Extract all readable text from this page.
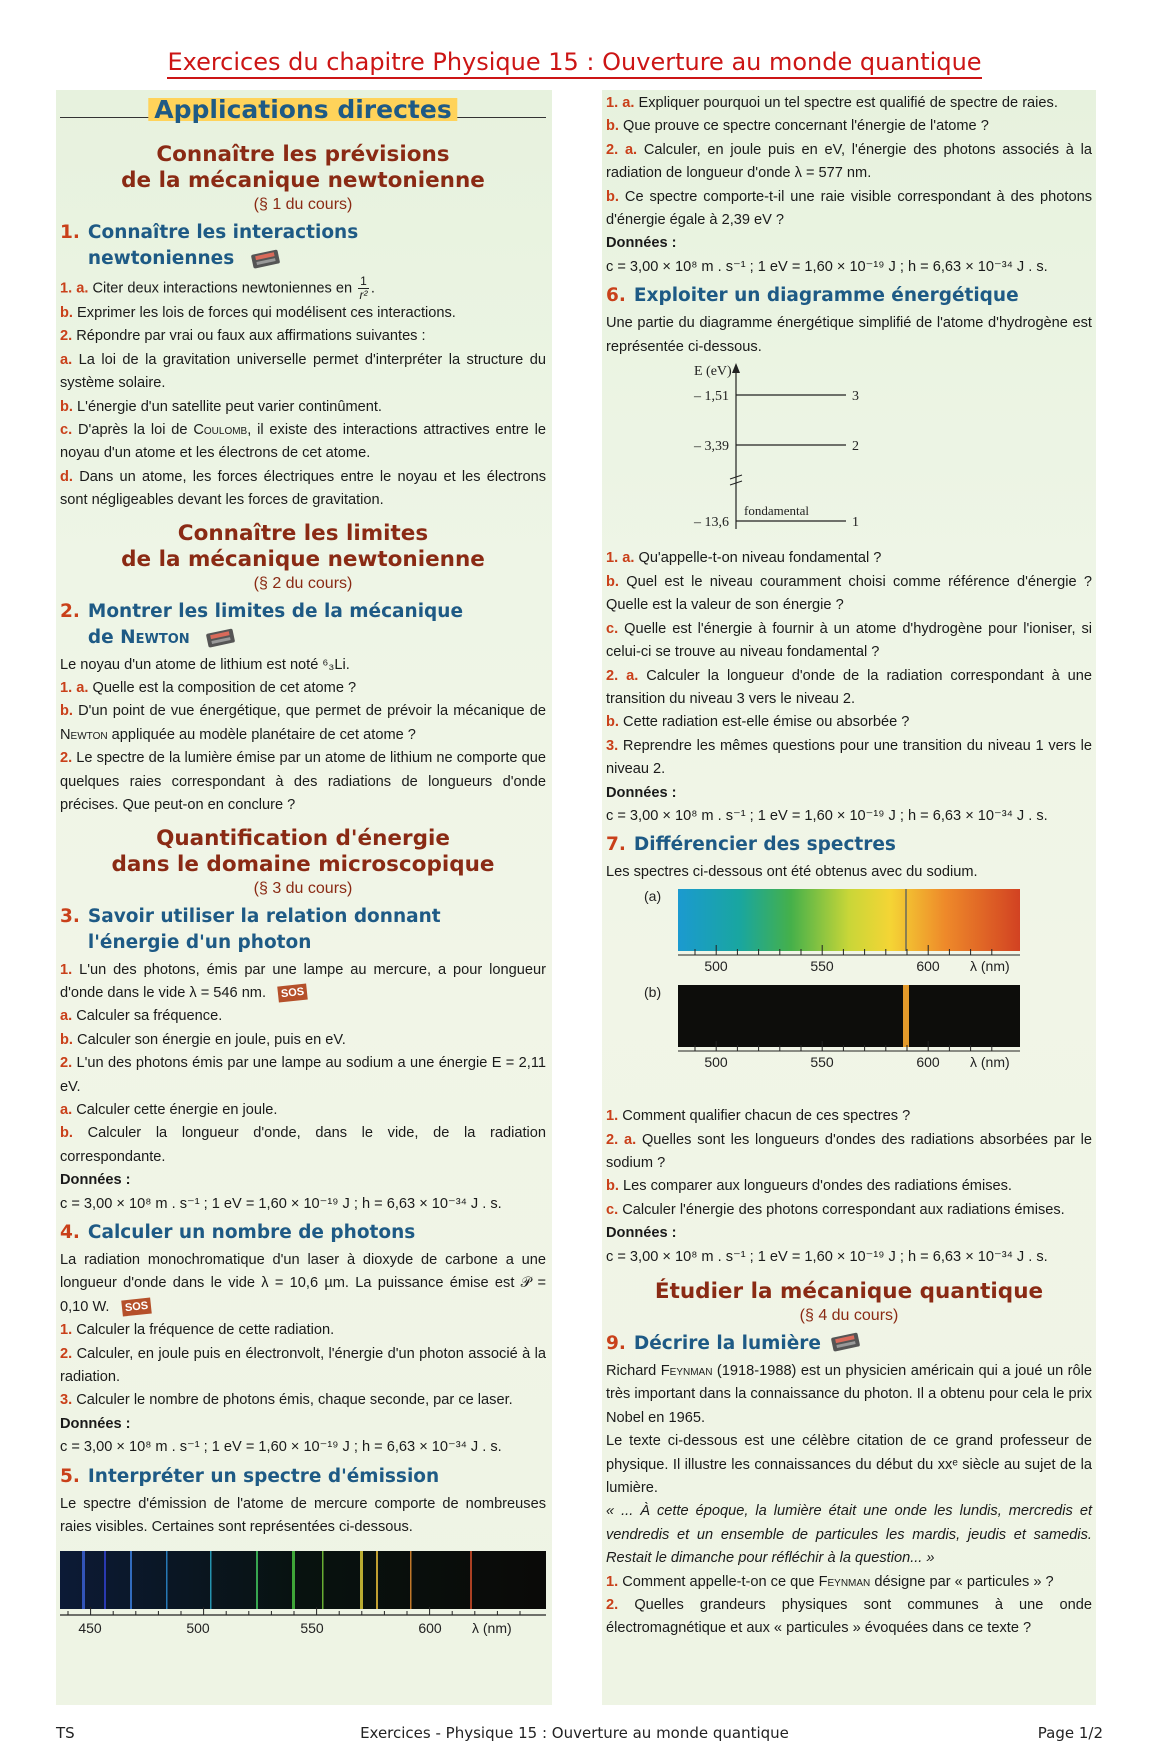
Exercices du chapitre Physique 15 : Ouverture au monde quantique
Applications directes
Connaître les prévisions
de la mécanique newtonienne
(§ 1 du cours)
1. Connaître les interactions
newtoniennes

1. a. Citer deux interactions newtoniennes en $\frac{1}{\text{r²}}$ .

b. Exprimer les lois de forces qui modélisent ces interactions.

2. Répondre par vrai ou faux aux affirmations suivantes :

a. La loi de la gravitation universelle permet d'interpréter la structure du système solaire.

b. L'énergie d'un satellite peut varier continûment.

c. D'après la loi de Coulomb, il existe des interactions attractives entre le noyau d'un atome et les électrons de cet atome.

d. Dans un atome, les forces électriques entre le noyau et les électrons sont négligeables devant les forces de gravitation.

Connaître les limites
de la mécanique newtonienne
(§ 2 du cours)
2. Montrer les limites de la mécanique
de Newton

Le noyau d'un atome de lithium est noté ⁶₃Li.

1. a. Quelle est la composition de cet atome ?

b. D'un point de vue énergétique, que permet de prévoir la mécanique de Newton appliquée au modèle planétaire de cet atome ?

2. Le spectre de la lumière émise par un atome de lithium ne comporte que quelques raies correspondant à des radiations de longueurs d'onde précises. Que peut-on en conclure ?

Quantification d'énergie
dans le domaine microscopique
(§ 3 du cours)
3. Savoir utiliser la relation donnant
l'énergie d'un photon

1. L'un des photons, émis par une lampe au mercure, a pour longueur d'onde dans le vide λ = 546 nm. SOS

a. Calculer sa fréquence.

b. Calculer son énergie en joule, puis en eV.

2. L'un des photons émis par une lampe au sodium a une énergie E = 2,11 eV.

a. Calculer cette énergie en joule.

b. Calculer la longueur d'onde, dans le vide, de la radiation correspondante.

Données :

c = 3,00 × 10⁸ m . s⁻¹ ; 1 eV = 1,60 × 10⁻¹⁹ J ; h = 6,63 × 10⁻³⁴ J . s.

4. Calculer un nombre de photons

La radiation monochromatique d'un laser à dioxyde de carbone a une longueur d'onde dans le vide λ = 10,6 µm. La puissance émise est 𝒫 = 0,10 W. SOS

1. Calculer la fréquence de cette radiation.

2. Calculer, en joule puis en électronvolt, l'énergie d'un photon associé à la radiation.

3. Calculer le nombre de photons émis, chaque seconde, par ce laser.

Données :

c = 3,00 × 10⁸ m . s⁻¹ ; 1 eV = 1,60 × 10⁻¹⁹ J ; h = 6,63 × 10⁻³⁴ J . s.

5. Interpréter un spectre d'émission

Le spectre d'émission de l'atome de mercure comporte de nombreuses raies visibles. Certaines sont représentées ci-dessous.

450	500	550	600 λ (nm)

1. a. Expliquer pourquoi un tel spectre est qualifié de spectre de raies.

b. Que prouve ce spectre concernant l'énergie de l'atome ?

2. a. Calculer, en joule puis en eV, l'énergie des photons associés à la radiation de longueur d'onde λ = 577 nm.

b. Ce spectre comporte-t-il une raie visible correspondant à des photons d'énergie égale à 2,39 eV ?

Données :

c = 3,00 × 10⁸ m . s⁻¹ ; 1 eV = 1,60 × 10⁻¹⁹ J ; h = 6,63 × 10⁻³⁴ J . s.

6. Exploiter un diagramme énergétique

Une partie du diagramme énergétique simplifié de l'atome d'hydrogène est représentée ci-dessous.

E (eV)
– 1,51	3
– 3,39	2
– 13,6
fondamental
1

1. a. Qu'appelle-t-on niveau fondamental ?

b. Quel est le niveau couramment choisi comme référence d'énergie ? Quelle est la valeur de son énergie ?

c. Quelle est l'énergie à fournir à un atome d'hydrogène pour l'ioniser, si celui-ci se trouve au niveau fondamental ?

2. a. Calculer la longueur d'onde de la radiation correspondant à une transition du niveau 3 vers le niveau 2.

b. Cette radiation est-elle émise ou absorbée ?

3. Reprendre les mêmes questions pour une transition du niveau 1 vers le niveau 2.

Données :

c = 3,00 × 10⁸ m . s⁻¹ ; 1 eV = 1,60 × 10⁻¹⁹ J ; h = 6,63 × 10⁻³⁴ J . s.

7. Différencier des spectres

Les spectres ci-dessous ont été obtenus avec du sodium.

(a)
500	550	600 λ (nm)
(b)
500	550	600 λ (nm)

1. Comment qualifier chacun de ces spectres ?

2. a. Quelles sont les longueurs d'ondes des radiations absorbées par le sodium ?

b. Les comparer aux longueurs d'ondes des radiations émises.

c. Calculer l'énergie des photons correspondant aux radiations émises.

Données :

c = 3,00 × 10⁸ m . s⁻¹ ; 1 eV = 1,60 × 10⁻¹⁹ J ; h = 6,63 × 10⁻³⁴ J . s.

Étudier la mécanique quantique
(§ 4 du cours)
9. Décrire la lumière

Richard Feynman (1918-1988) est un physicien américain qui a joué un rôle très important dans la connaissance du photon. Il a obtenu pour cela le prix Nobel en 1965.

Le texte ci-dessous est une célèbre citation de ce grand professeur de physique. Il illustre les connaissances du début du xxᵉ siècle au sujet de la lumière.

« ... À cette époque, la lumière était une onde les lundis, mercredis et vendredis et un ensemble de particules les mardis, jeudis et samedis. Restait le dimanche pour réfléchir à la question... »

1. Comment appelle-t-on ce que Feynman désigne par « particules » ?

2. Quelles grandeurs physiques sont communes à une onde électromagnétique et aux « particules » évoquées dans ce texte ?

TS	Exercices - Physique 15 : Ouverture au monde quantique	Page 1/2
